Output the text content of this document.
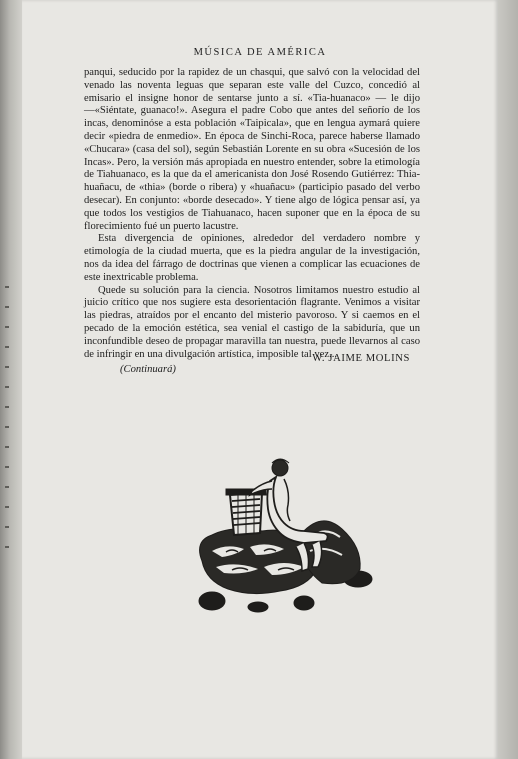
MÚSICA DE AMÉRICA

panqui, seducido por la rapidez de un chasqui, que salvó con la velocidad del venado las noventa leguas que separan este valle del Cuzco, concedió al emisario el insigne honor de sentarse junto a sí. «Tia-huanaco» — le dijo —«Siéntate, guanaco!». Asegura el padre Cobo que antes del señorío de los incas, denominóse a esta población «Taipicala», que en lengua aymará quiere decir «piedra de enmedio». En época de Sinchi-Roca, parece haberse llamado «Chucara» (casa del sol), según Sebastián Lorente en su obra «Sucesión de los Incas». Pero, la versión más apropiada en nuestro entender, sobre la etimología de Tiahuanaco, es la que da el americanista don José Rosendo Gutiérrez: Thia-huañacu, de «thia» (borde o ribera) y «huañacu» (participio pasado del verbo desecar). En conjunto: «borde desecado». Y tiene algo de lógica pensar así, ya que todos los vestigios de Tiahuanaco, hacen suponer que en la época de su florecimiento fué un puerto lacustre.

Esta divergencia de opiniones, alrededor del verdadero nombre y etimología de la ciudad muerta, que es la piedra angular de la investigación, nos da idea del fárrago de doctrinas que vienen a complicar las ecuaciones de este inextricable problema.

Quede su solución para la ciencia. Nosotros limitamos nuestro estudio al juicio crítico que nos sugiere esta desorientación flagrante. Venimos a visitar las piedras, atraídos por el encanto del misterio pavoroso. Y si caemos en el pecado de la emoción estética, sea venial el castigo de la sabiduría, que un inconfundible deseo de propagar maravilla tan nuestra, puede llevarnos al caso de infringir en una divulgación artística, imposible tal vez...

W. JAIME MOLINS
(Continuará)
